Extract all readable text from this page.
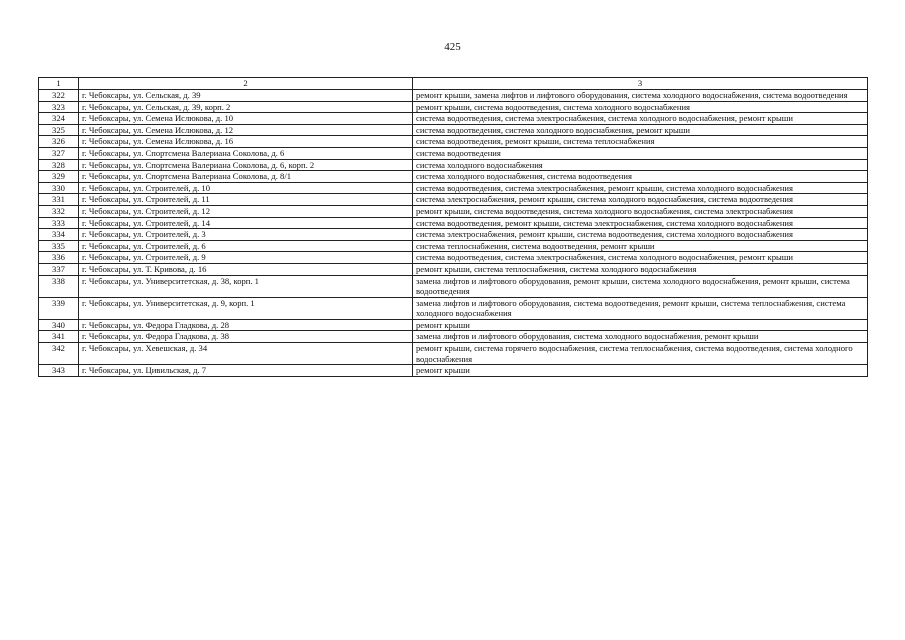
425
1	2	3
322	г. Чебоксары, ул. Сельская, д. 39	ремонт крыши, замена лифтов и лифтового оборудования, система холодного водоснабжения, система водоотведения
323	г. Чебоксары, ул. Сельская, д. 39, корп. 2	ремонт крыши, система водоотведения, система холодного водоснабжения
324	г. Чебоксары, ул. Семена Ислюкова, д. 10	система водоотведения, система электроснабжения, система холодного водоснабжения, ремонт крыши
325	г. Чебоксары, ул. Семена Ислюкова, д. 12	система водоотведения, система холодного водоснабжения, ремонт крыши
326	г. Чебоксары, ул. Семена Ислюкова, д. 16	система водоотведения, ремонт крыши, система теплоснабжения
327	г. Чебоксары, ул. Спортсмена Валериана Соколова, д. 6	система водоотведения
328	г. Чебоксары, ул. Спортсмена Валериана Соколова, д. 6, корп. 2	система холодного водоснабжения
329	г. Чебоксары, ул. Спортсмена Валериана Соколова, д. 8/1	система холодного водоснабжения, система водоотведения
330	г. Чебоксары, ул. Строителей, д. 10	система водоотведения, система электроснабжения, ремонт крыши, система холодного водоснабжения
331	г. Чебоксары, ул. Строителей, д. 11	система электроснабжения, ремонт крыши, система холодного водоснабжения, система водоотведения
332	г. Чебоксары, ул. Строителей, д. 12	ремонт крыши, система водоотведения, система холодного водоснабжения, система электроснабжения
333	г. Чебоксары, ул. Строителей, д. 14	система водоотведения, ремонт крыши, система электроснабжения, система холодного водоснабжения
334	г. Чебоксары, ул. Строителей, д. 3	система электроснабжения, ремонт крыши, система водоотведения, система холодного водоснабжения
335	г. Чебоксары, ул. Строителей, д. 6	система теплоснабжения, система водоотведения, ремонт крыши
336	г. Чебоксары, ул. Строителей, д. 9	система водоотведения, система электроснабжения, система холодного водоснабжения, ремонт крыши
337	г. Чебоксары, ул. Т. Кривова, д. 16	ремонт крыши, система теплоснабжения, система холодного водоснабжения
338	г. Чебоксары, ул. Университетская, д. 38, корп. 1	замена лифтов и лифтового оборудования, ремонт крыши, система холодного водоснабжения, ремонт крыши, система водоотведения
339	г. Чебоксары, ул. Университетская, д. 9, корп. 1	замена лифтов и лифтового оборудования, система водоотведения, ремонт крыши, система теплоснабжения, система холодного водоснабжения
340	г. Чебоксары, ул. Федора Гладкова, д. 28	ремонт крыши
341	г. Чебоксары, ул. Федора Гладкова, д. 38	замена лифтов и лифтового оборудования, система холодного водоснабжения, ремонт крыши
342	г. Чебоксары, ул. Хевешская, д. 34	ремонт крыши, система горячего водоснабжения, система теплоснабжения, система водоотведения, система холодного водоснабжения
343	г. Чебоксары, ул. Цивильская, д. 7	ремонт крыши
